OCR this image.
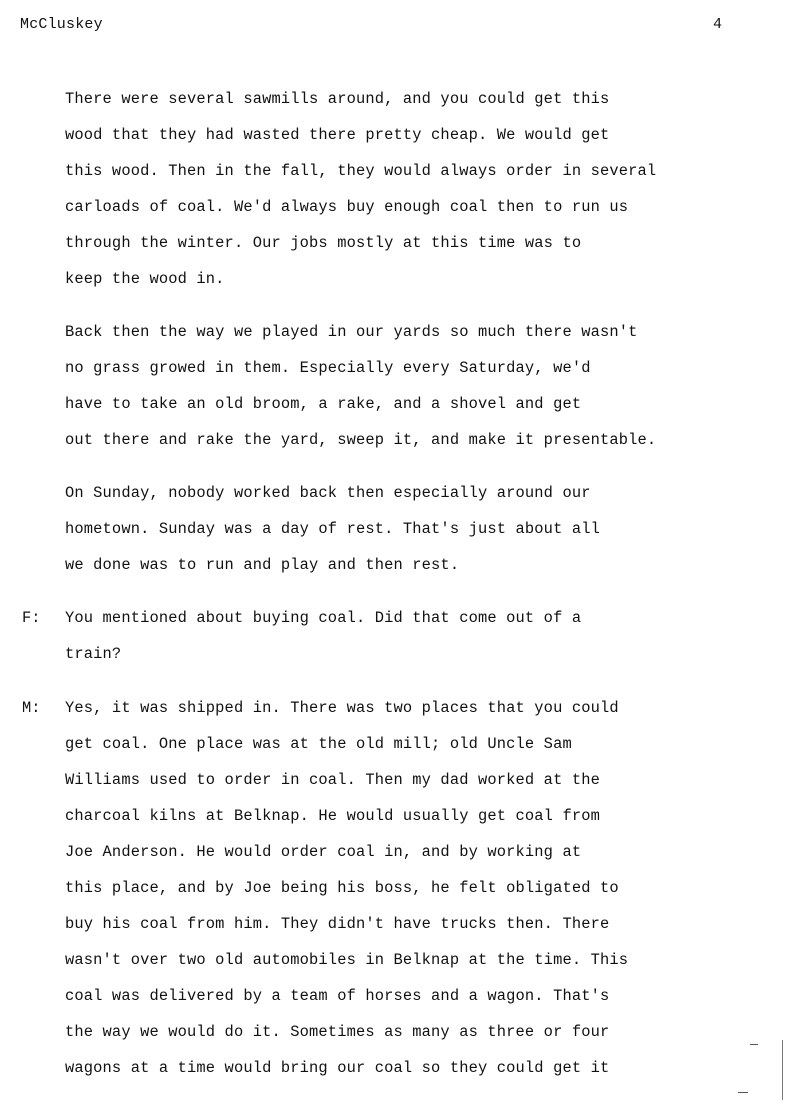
McCluskey	4
There were several sawmills around, and you could get this
wood that they had wasted there pretty cheap. We would get
this wood. Then in the fall, they would always order in several
carloads of coal. We'd always buy enough coal then to run us
through the winter. Our jobs mostly at this time was to
keep the wood in.
Back then the way we played in our yards so much there wasn't
no grass growed in them. Especially every Saturday, we'd
have to take an old broom, a rake, and a shovel and get
out there and rake the yard, sweep it, and make it presentable.
On Sunday, nobody worked back then especially around our
hometown. Sunday was a day of rest. That's just about all
we done was to run and play and then rest.
F: You mentioned about buying coal. Did that come out of a
train?
M: Yes, it was shipped in. There was two places that you could
get coal. One place was at the old mill; old Uncle Sam
Williams used to order in coal. Then my dad worked at the
charcoal kilns at Belknap. He would usually get coal from
Joe Anderson. He would order coal in, and by working at
this place, and by Joe being his boss, he felt obligated to
buy his coal from him. They didn't have trucks then. There
wasn't over two old automobiles in Belknap at the time. This
coal was delivered by a team of horses and a wagon. That's
the way we would do it. Sometimes as many as three or four
wagons at a time would bring our coal so they could get it
